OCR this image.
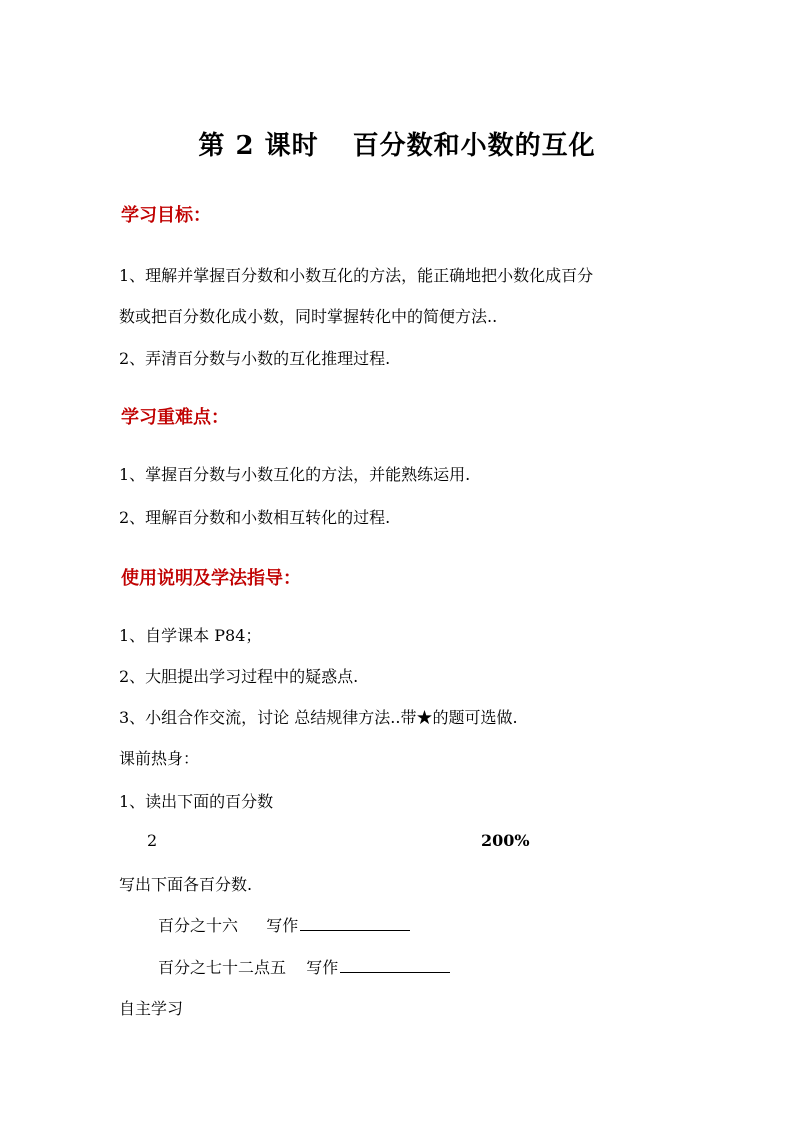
第 2 课时 百分数和小数的互化
学习目标：
1、理解并掌握百分数和小数互化的方法，能正确地把小数化成百分
数或把百分数化成小数，同时掌握转化中的简便方法..
2、弄清百分数与小数的互化推理过程.
学习重难点：
1、掌握百分数与小数互化的方法，并能熟练运用.
2、理解百分数和小数相互转化的过程.
使用说明及学法指导：
1、自学课本 P84；
2、大胆提出学习过程中的疑惑点.
3、小组合作交流，讨论 总结规律方法..带★的题可选做.
课前热身：
1、读出下面的百分数
2	200%
写出下面各百分数.
百分之十六 写作
百分之七十二点五 写作
自主学习
